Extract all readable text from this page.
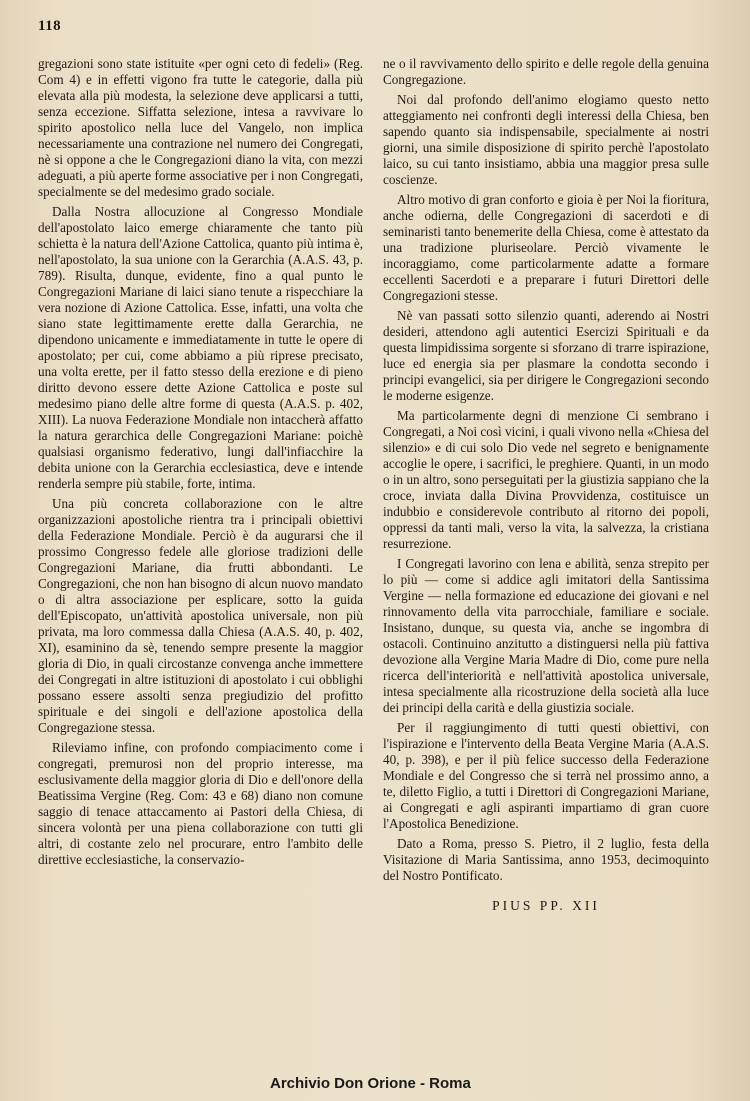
118

gregazioni sono state istituite «per ogni ceto di fedeli» (Reg. Com 4) e in effetti vigono fra tutte le categorie, dalla più elevata alla più modesta, la selezione deve applicarsi a tutti, senza eccezione. Siffatta selezione, intesa a ravvivare lo spirito apostolico nella luce del Vangelo, non implica necessariamente una contrazione nel numero dei Congregati, nè si oppone a che le Congregazioni diano la vita, con mezzi adeguati, a più aperte forme associative per i non Congregati, specialmente se del medesimo grado sociale.

Dalla Nostra allocuzione al Congresso Mondiale dell'apostolato laico emerge chiaramente che tanto più schietta è la natura dell'Azione Cattolica, quanto più intima è, nell'apostolato, la sua unione con la Gerarchia (A.A.S. 43, p. 789). Risulta, dunque, evidente, fino a qual punto le Congregazioni Mariane di laici siano tenute a rispecchiare la vera nozione di Azione Cattolica. Esse, infatti, una volta che siano state legittimamente erette dalla Gerarchia, ne dipendono unicamente e immediatamente in tutte le opere di apostolato; per cui, come abbiamo a più riprese precisato, una volta erette, per il fatto stesso della erezione e di pieno diritto devono essere dette Azione Cattolica e poste sul medesimo piano delle altre forme di questa (A.A.S. p. 402, XIII). La nuova Federazione Mondiale non intaccherà affatto la natura gerarchica delle Congregazioni Mariane: poichè qualsiasi organismo federativo, lungi dall'infiacchire la debita unione con la Gerarchia ecclesiastica, deve e intende renderla sempre più stabile, forte, intima.

Una più concreta collaborazione con le altre organizzazioni apostoliche rientra tra i principali obiettivi della Federazione Mondiale. Perciò è da augurarsi che il prossimo Congresso fedele alle gloriose tradizioni delle Congregazioni Mariane, dia frutti abbondanti. Le Congregazioni, che non han bisogno di alcun nuovo mandato o di altra associazione per esplicare, sotto la guida dell'Episcopato, un'attività apostolica universale, non più privata, ma loro commessa dalla Chiesa (A.A.S. 40, p. 402, XI), esaminino da sè, tenendo sempre presente la maggior gloria di Dio, in quali circostanze convenga anche immettere dei Congregati in altre istituzioni di apostolato i cui obblighi possano essere assolti senza pregiudizio del profitto spirituale e dei singoli e dell'azione apostolica della Congregazione stessa.

Rileviamo infine, con profondo compiacimento come i congregati, premurosi non del proprio interesse, ma esclusivamente della maggior gloria di Dio e dell'onore della Beatissima Vergine (Reg. Com: 43 e 68) diano non comune saggio di tenace attaccamento ai Pastori della Chiesa, di sincera volontà per una piena collaborazione con tutti gli altri, di costante zelo nel procurare, entro l'ambito delle direttive ecclesiastiche, la conservazio-

ne o il ravvivamento dello spirito e delle regole della genuina Congregazione.

Noi dal profondo dell'animo elogiamo questo netto atteggiamento nei confronti degli interessi della Chiesa, ben sapendo quanto sia indispensabile, specialmente ai nostri giorni, una simile disposizione di spirito perchè l'apostolato laico, su cui tanto insistiamo, abbia una maggior presa sulle coscienze.

Altro motivo di gran conforto e gioia è per Noi la fioritura, anche odierna, delle Congregazioni di sacerdoti e di seminaristi tanto benemerite della Chiesa, come è attestato da una tradizione pluriseolare. Perciò vivamente le incoraggiamo, come particolarmente adatte a formare eccellenti Sacerdoti e a preparare i futuri Direttori delle Congregazioni stesse.

Nè van passati sotto silenzio quanti, aderendo ai Nostri desideri, attendono agli autentici Esercizi Spirituali e da questa limpidissima sorgente si sforzano di trarre ispirazione, luce ed energia sia per plasmare la condotta secondo i principi evangelici, sia per dirigere le Congregazioni secondo le moderne esigenze.

Ma particolarmente degni di menzione Ci sembrano i Congregati, a Noi così vicini, i quali vivono nella «Chiesa del silenzio» e di cui solo Dio vede nel segreto e benignamente accoglie le opere, i sacrifici, le preghiere. Quanti, in un modo o in un altro, sono perseguitati per la giustizia sappiano che la croce, inviata dalla Divina Provvidenza, costituisce un indubbio e considerevole contributo al ritorno dei popoli, oppressi da tanti mali, verso la vita, la salvezza, la cristiana resurrezione.

I Congregati lavorino con lena e abilità, senza strepito per lo più — come si addice agli imitatori della Santissima Vergine — nella formazione ed educazione dei giovani e nel rinnovamento della vita parrocchiale, familiare e sociale. Insistano, dunque, su questa via, anche se ingombra di ostacoli. Continuino anzitutto a distinguersi nella più fattiva devozione alla Vergine Maria Madre di Dio, come pure nella ricerca dell'interiorità e nell'attività apostolica universale, intesa specialmente alla ricostruzione della società alla luce dei principi della carità e della giustizia sociale.

Per il raggiungimento di tutti questi obiettivi, con l'ispirazione e l'intervento della Beata Vergine Maria (A.A.S. 40, p. 398), e per il più felice successo della Federazione Mondiale e del Congresso che si terrà nel prossimo anno, a te, diletto Figlio, a tutti i Direttori di Congregazioni Mariane, ai Congregati e agli aspiranti impartiamo di gran cuore l'Apostolica Benedizione.

Dato a Roma, presso S. Pietro, il 2 luglio, festa della Visitazione di Maria Santissima, anno 1953, decimoquinto del Nostro Pontificato.

PIUS PP. XII
Archivio Don Orione - Roma
